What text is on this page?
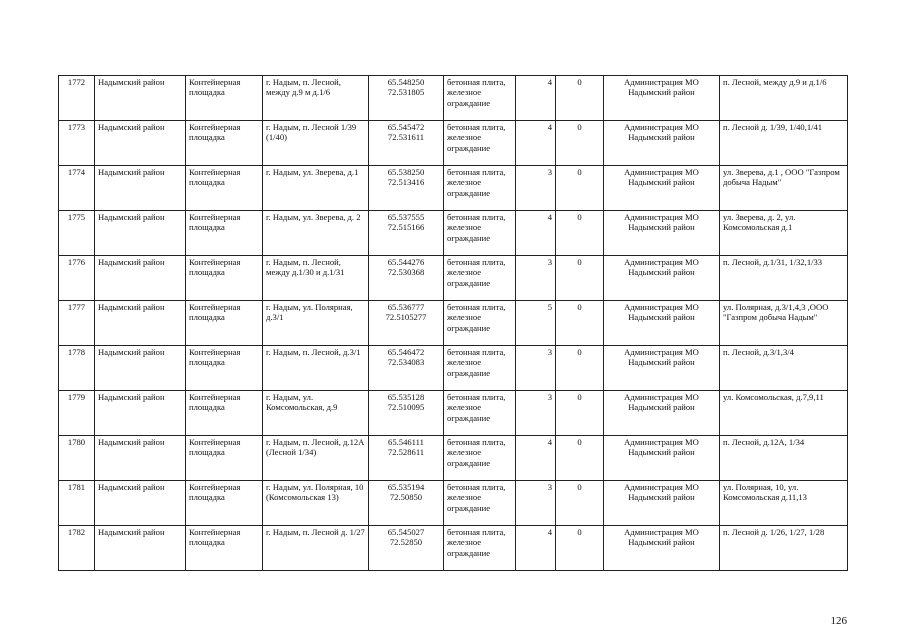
1772	Надымский район	Контейнерная площадка	г. Надым, п. Лесной, между д.9 м д.1/6	65.548250
72.531805	бетонная плита, железное ограждание	4	0	Администрация МО Надымский район	п. Лесной, между д.9 и д.1/6
1773	Надымский район	Контейнерная площадка	г. Надым, п. Лесной 1/39 (1/40)	65.545472
72.531611	бетонная плита, железное ограждание	4	0	Администрация МО Надымский район	п. Лесной д. 1/39, 1/40,1/41
1774	Надымский район	Контейнерная площадка	г. Надым, ул. Зверева, д.1	65.538250
72.513416	бетонная плита, железное ограждание	3	0	Администрация МО Надымский район	ул. Зверева, д.1 , ООО "Газпром добыча Надым"
1775	Надымский район	Контейнерная площадка	г. Надым, ул. Зверева, д. 2	65.537555
72.515166	бетонная плита, железное ограждание	4	0	Администрация МО Надымский район	ул. Зверева, д. 2, ул. Комсомольская д.1
1776	Надымский район	Контейнерная площадка	г. Надым, п. Лесной, между д.1/30 и д.1/31	65.544276
72.530368	бетонная плита, железное ограждание	3	0	Администрация МО Надымский район	п. Лесной, д.1/31, 1/32,1/33
1777	Надымский район	Контейнерная площадка	г. Надым, ул. Полярная, д.3/1	65.536777
72.5105277	бетонная плита, железное ограждание	5	0	Администрация МО Надымский район	ул. Полярная, д.3/1,4,3 ,ООО "Газпром добыча Надым"
1778	Надымский район	Контейнерная площадка	г. Надым, п. Лесной, д.3/1	65.546472
72.534083	бетонная плита, железное ограждание	3	0	Администрация МО Надымский район	п. Лесной, д.3/1,3/4
1779	Надымский район	Контейнерная площадка	г. Надым, ул. Комсомольская, д.9	65.535128
72.510095	бетонная плита, железное ограждание	3	0	Администрация МО Надымский район	ул. Комсомольская, д.7,9,11
1780	Надымский район	Контейнерная площадка	г. Надым, п. Лесной, д.12А (Лесной 1/34)	65.546111
72.528611	бетонная плита, железное ограждание	4	0	Администрация МО Надымский район	п. Лесной, д.12А, 1/34
1781	Надымский район	Контейнерная площадка	г. Надым, ул. Полярная, 10 (Комсомольская 13)	65.535194
72.50850	бетонная плита, железное ограждание	3	0	Администрация МО Надымский район	ул. Полярная, 10, ул. Комсомольская д.11,13
1782	Надымский район	Контейнерная площадка	г. Надым, п. Лесной д. 1/27	65.545027
72.52850	бетонная плита, железное ограждание	4	0	Администрация МО Надымский район	п. Лесной д. 1/26, 1/27, 1/28
126
